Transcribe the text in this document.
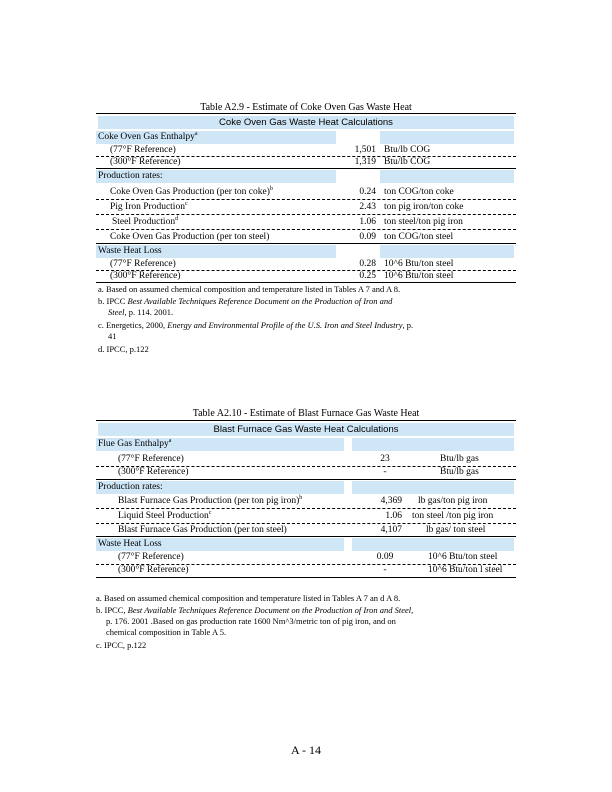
Table A2.9 - Estimate of Coke Oven Gas Waste Heat
Coke Oven Gas Waste Heat Calculations
Coke Oven Gas Enthalpy$^a$
(77°F Reference)	1,501 Btu/lb COG
(300°F Reference)	1,319 Btu/lb COG
Production rates:
Coke Oven Gas Production (per ton coke)$^b$	0.24 ton COG/ton coke
Pig Iron Production$^c$	2.43 ton pig iron/ton coke
Steel Production$^d$	1.06 ton steel/ton pig iron
Coke Oven Gas Production (per ton steel)	0.09 ton COG/ton steel
Waste Heat Loss
(77°F Reference)	0.28 10^6 Btu/ton steel
(300°F Reference)	0.25 10^6 Btu/ton steel
a. Based on assumed chemical composition and temperature listed in Tables A 7 and A 8.
b. IPCC Best Available Techniques Reference Document on the Production of Iron and
Steel, p. 114. 2001.
c. Energetics, 2000, Energy and Environmental Profile of the U.S. Iron and Steel Industry, p.
41
d. IPCC, p.122
Table A2.10 - Estimate of Blast Furnace Gas Waste Heat
Blast Furnace Gas Waste Heat Calculations
Flue Gas Enthalpy$^a$
(77°F Reference)	23	Btu/lb gas
(300°F Reference)	-	Btu/lb gas
Production rates:
Blast Furnace Gas Production (per ton pig iron)$^b$	4,369 lb gas/ton pig iron
Liquid Steel Production$^c$	1.06 ton steel /ton pig iron
Blast Furnace Gas Production (per ton steel)	4,107	lb gas/ ton steel
Waste Heat Loss
(77°F Reference)	0.09	10^6 Btu/ton steel
(300°F Reference)	-	10^6 Btu/ton l steel
a. Based on assumed chemical composition and temperature listed in Tables A 7 an d A 8.
b. IPCC, Best Available Techniques Reference Document on the Production of Iron and Steel,
p. 176. 2001 .Based on gas production rate 1600 Nm^3/metric ton of pig iron, and on
chemical composition in Table A 5.
c. IPCC, p.122
A - 14
